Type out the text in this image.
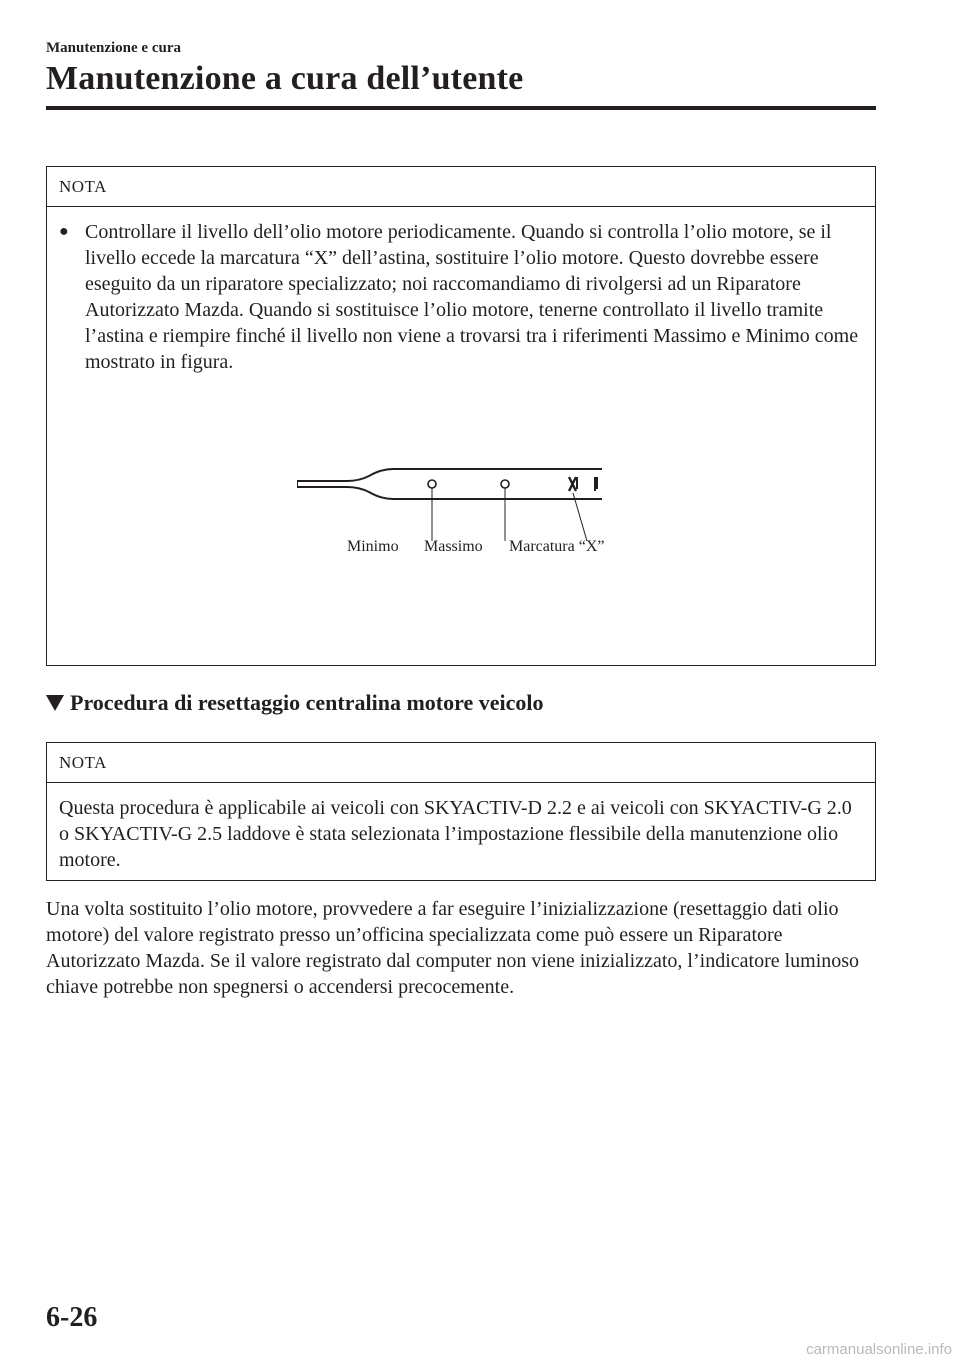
Manutenzione e cura
Manutenzione a cura dell’utente
NOTA
● Controllare il livello dell’olio motore periodicamente. Quando si controlla l’olio motore, se il livello eccede la marcatura “X” dell’astina, sostituire l’olio motore. Questo dovrebbe essere eseguito da un riparatore specializzato; noi raccomandiamo di rivolgersi ad un Riparatore Autorizzato Mazda. Quando si sostituisce l’olio motore, tenerne controllato il livello tramite l’astina e riempire finché il livello non viene a trovarsi tra i riferimenti Massimo e Minimo come mostrato in figura.
Minimo Massimo Marcatura “X”
Procedura di resettaggio centralina motore veicolo
NOTA
Questa procedura è applicabile ai veicoli con SKYACTIV-D 2.2 e ai veicoli con SKYACTIV-G 2.0 o SKYACTIV-G 2.5 laddove è stata selezionata l’impostazione flessibile della manutenzione olio motore.
Una volta sostituito l’olio motore, provvedere a far eseguire l’inizializzazione (resettaggio dati olio motore) del valore registrato presso un’officina specializzata come può essere un Riparatore Autorizzato Mazda. Se il valore registrato dal computer non viene inizializzato, l’indicatore luminoso chiave potrebbe non spegnersi o accendersi precocemente.
6-26
carmanualsonline.info
